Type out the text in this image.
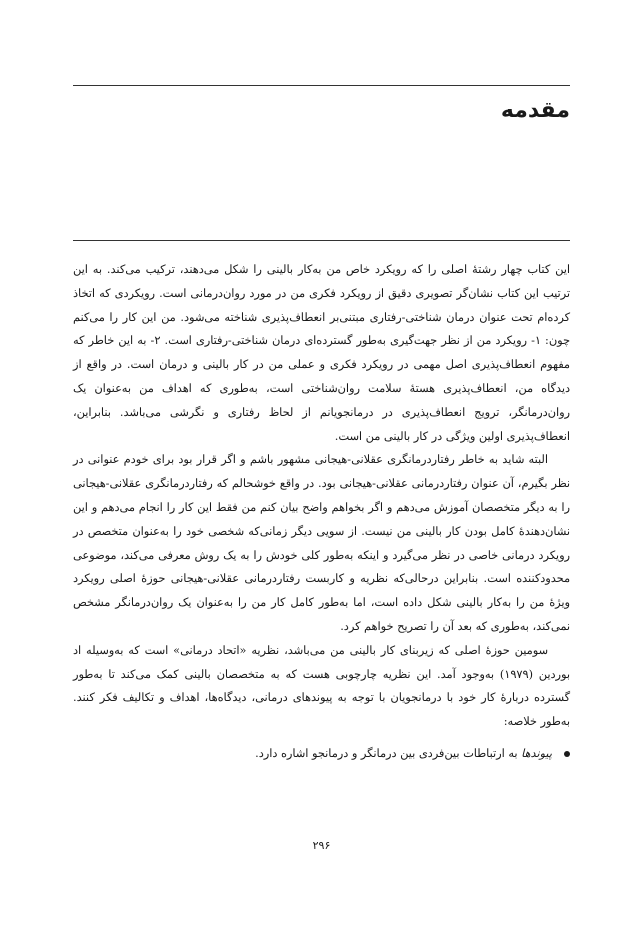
مقدمه

این کتاب چهار رشتهٔ اصلی را که رویکرد خاص من به‌کار بالینی را شکل می‌دهند، ترکیب می‌کند. به این ترتیب این کتاب نشان‌گر تصویری دقیق از رویکرد فکری من در مورد روان‌درمانی است. رویکردی که اتخاذ کرده‌ام تحت عنوان درمان شناختی-رفتاری مبتنی‌بر انعطاف‌پذیری شناخته می‌شود. من این کار را می‌کنم چون: ۱- رویکرد من از نظر جهت‌گیری به‌طور گسترده‌ای درمان شناختی-رفتاری است. ۲- به این خاطر که مفهوم انعطاف‌پذیری اصل مهمی در رویکرد فکری و عملی من در کار بالینی و درمان است. در واقع از دیدگاه من، انعطاف‌پذیری هستهٔ سلامت روان‌شناختی است، به‌طوری که اهداف من به‌عنوان یک روان‌درمانگر، ترویج انعطاف‌پذیری در درمانجویانم از لحاظ رفتاری و نگرشی می‌باشد. بنابراین، انعطاف‌پذیری اولین ویژگی در کار بالینی من است.

البته شاید به خاطر رفتاردرمانگری عقلانی-هیجانی مشهور باشم و اگر قرار بود برای خودم عنوانی در نظر بگیرم، آن عنوان رفتاردرمانی عقلانی-هیجانی بود. در واقع خوشحالم که رفتاردرمانگری عقلانی-هیجانی را به دیگر متخصصان آموزش می‌دهم و اگر بخواهم واضح بیان کنم من فقط این کار را انجام می‌دهم و این نشان‌دهندهٔ کامل بودن کار بالینی من نیست. از سویی دیگر زمانی‌که شخصی خود را به‌عنوان متخصص در رویکرد درمانی خاصی در نظر می‌گیرد و اینکه به‌طور کلی خودش را به یک روش معرفی می‌کند، موضوعی محدودکننده است. بنابراین درحالی‌که نظریه و کاربست رفتاردرمانی عقلانی-هیجانی حوزهٔ اصلی رویکرد ویژهٔ من را به‌کار بالینی شکل داده است، اما به‌طور کامل کار من را به‌عنوان یک روان‌درمانگر مشخص نمی‌کند، به‌طوری که بعد آن را تصریح خواهم کرد.

سومین حوزهٔ اصلی که زیربنای کار بالینی من می‌باشد، نظریه «اتحاد درمانی» است که به‌وسیله اد بوردین (۱۹۷۹) به‌وجود آمد. این نظریه چارچوبی هست که به متخصصان بالینی کمک می‌کند تا به‌طور گسترده دربارهٔ کار خود با درمانجویان با توجه به پیوندهای درمانی، دیدگاه‌ها، اهداف و تکالیف فکر کنند. به‌طور خلاصه:

پیوندها به ارتباطات بین‌فردی بین درمانگر و درمانجو اشاره دارد.
۲۹۶
